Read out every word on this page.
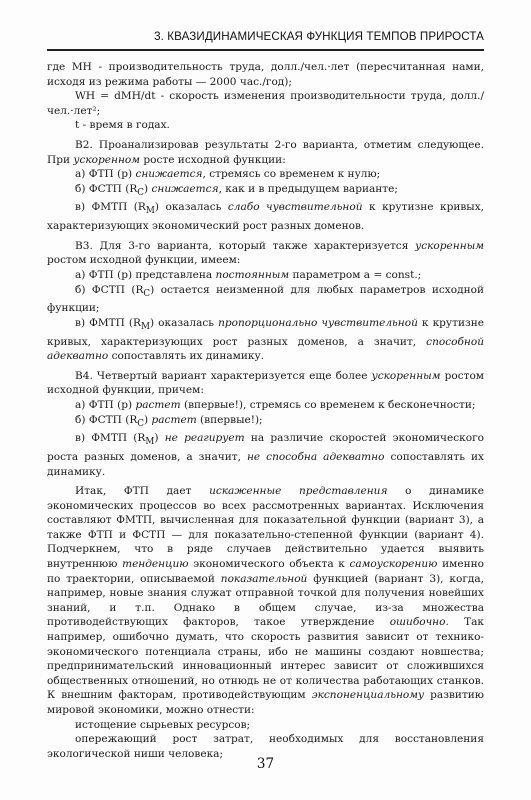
3. КВАЗИДИНАМИЧЕСКАЯ ФУНКЦИЯ ТЕМПОВ ПРИРОСТА

где MH - производительность труда, долл./чел.·лет (пересчитанная нами, исходя из режима работы — 2000 час./год);

WH = dMH/dt - скорость изменения производительности труда, долл./чел.·лет²;

t - время в годах.

В2. Проанализировав результаты 2-го варианта, отметим следующее. При ускоренном росте исходной функции:

а) ФТП (p) снижается, стремясь со временем к нулю;

б) ФСТП $(R_C)$ снижается, как и в предыдущем варианте;

в) ФМТП $(R_M)$ оказалась слабо чувствительной к крутизне кривых, характеризующих экономический рост разных доменов.

В3. Для 3-го варианта, который также характеризуется ускоренным ростом исходной функции, имеем:

а) ФТП (p) представлена постоянным параметром a = const.;

б) ФСТП $(R_C)$ остается неизменной для любых параметров исходной функции;

в) ФМТП $(R_M)$ оказалась пропорционально чувствительной к крутизне кривых, характеризующих рост разных доменов, а значит, способной адекватно сопоставлять их динамику.

В4. Четвертый вариант характеризуется еще более ускоренным ростом исходной функции, причем:

а) ФТП (p) растет (впервые!), стремясь со временем к бесконечности;

б) ФСТП $(R_C)$ растет (впервые!);

в) ФМТП $(R_M)$ не реагирует на различие скоростей экономического роста разных доменов, а значит, не способна адекватно сопоставлять их динамику.

Итак, ФТП дает искаженные представления о динамике экономических процессов во всех рассмотренных вариантах. Исключения составляют ФМТП, вычисленная для показательной функции (вариант 3), а также ФТП и ФСТП — для показательно-степенной функции (вариант 4). Подчеркнем, что в ряде случаев действительно удается выявить внутреннюю тенденцию экономического объекта к самоускорению именно по траектории, описываемой показательной функцией (вариант 3), когда, например, новые знания служат отправной точкой для получения новейших знаний, и т.п. Однако в общем случае, из-за множества противодействующих факторов, такое утверждение ошибочно. Так например, ошибочно думать, что скорость развития зависит от технико-экономического потенциала страны, ибо не машины создают новшества; предпринимательский инновационный интерес зависит от сложившихся общественных отношений, но отнюдь не от количества работающих станков. К внешним факторам, противодействующим экспоненциальному развитию мировой экономики, можно отнести:

истощение сырьевых ресурсов;

опережающий рост затрат, необходимых для восстановления экологической ниши человека;

37
